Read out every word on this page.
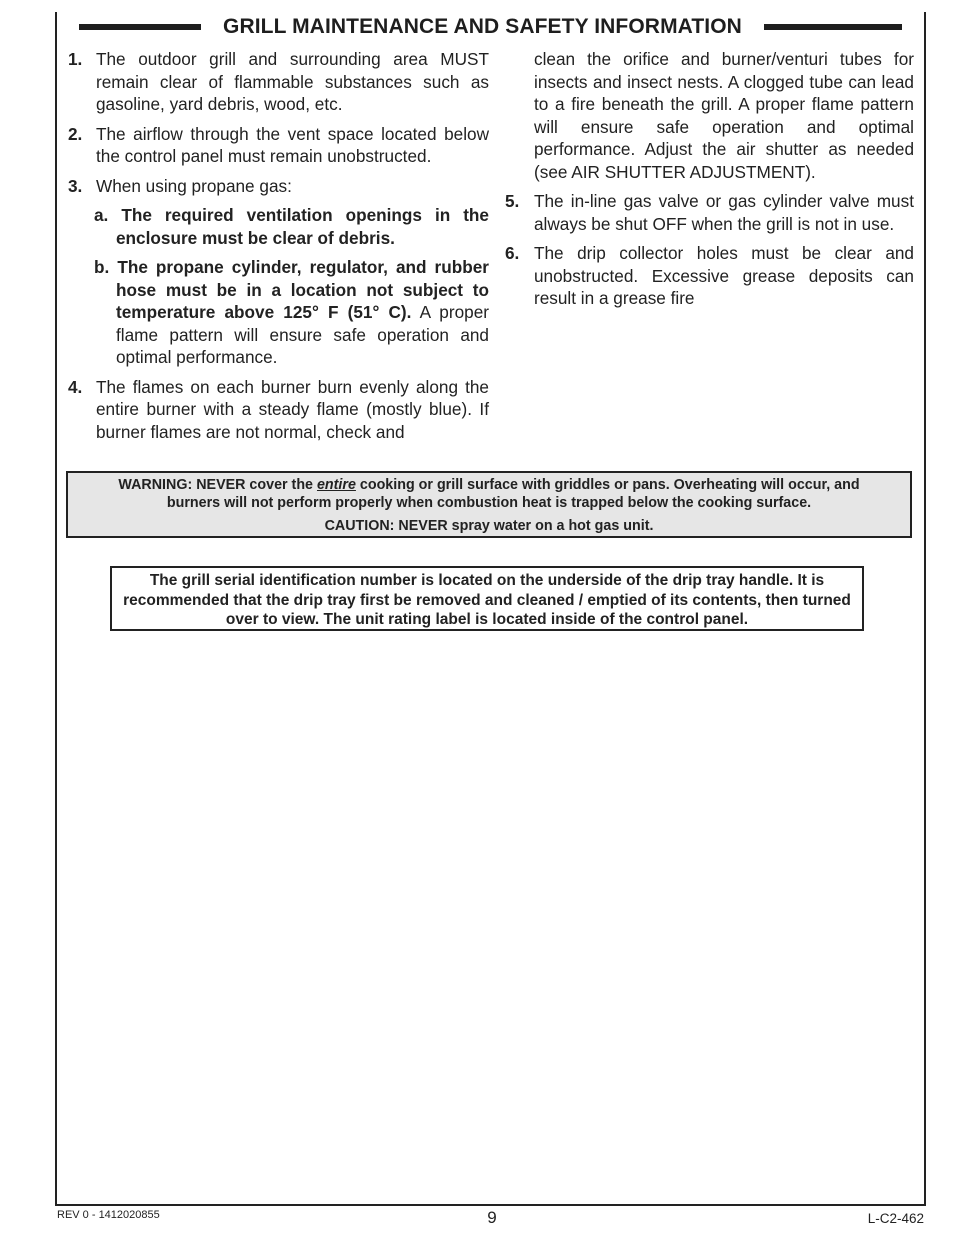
GRILL MAINTENANCE AND SAFETY INFORMATION
1. The outdoor grill and surrounding area MUST remain clear of flammable substances such as gasoline, yard debris, wood, etc.
2. The airflow through the vent space located below the control panel must remain unobstructed.
3. When using propane gas:
a. The required ventilation openings in the enclosure must be clear of debris.
b. The propane cylinder, regulator, and rubber hose must be in a location not subject to temperature above 125° F (51° C). A proper flame pattern will ensure safe operation and optimal performance.
4. The flames on each burner burn evenly along the entire burner with a steady flame (mostly blue). If burner flames are not normal, check and
clean the orifice and burner/venturi tubes for insects and insect nests. A clogged tube can lead to a fire beneath the grill. A proper flame pattern will ensure safe operation and optimal performance. Adjust the air shutter as needed (see AIR SHUTTER ADJUSTMENT).
5. The in-line gas valve or gas cylinder valve must always be shut OFF when the grill is not in use.
6. The drip collector holes must be clear and unobstructed. Excessive grease deposits can result in a grease fire
WARNING: NEVER cover the entire cooking or grill surface with griddles or pans. Overheating will occur, and
burners will not perform properly when combustion heat is trapped below the cooking surface.
CAUTION: NEVER spray water on a hot gas unit.
The grill serial identification number is located on the underside of the drip tray handle. It is recommended that the drip tray first be removed and cleaned / emptied of its contents, then turned over to view. The unit rating label is located inside of the control panel.
REV 0 - 1412020855	9	L-C2-462
